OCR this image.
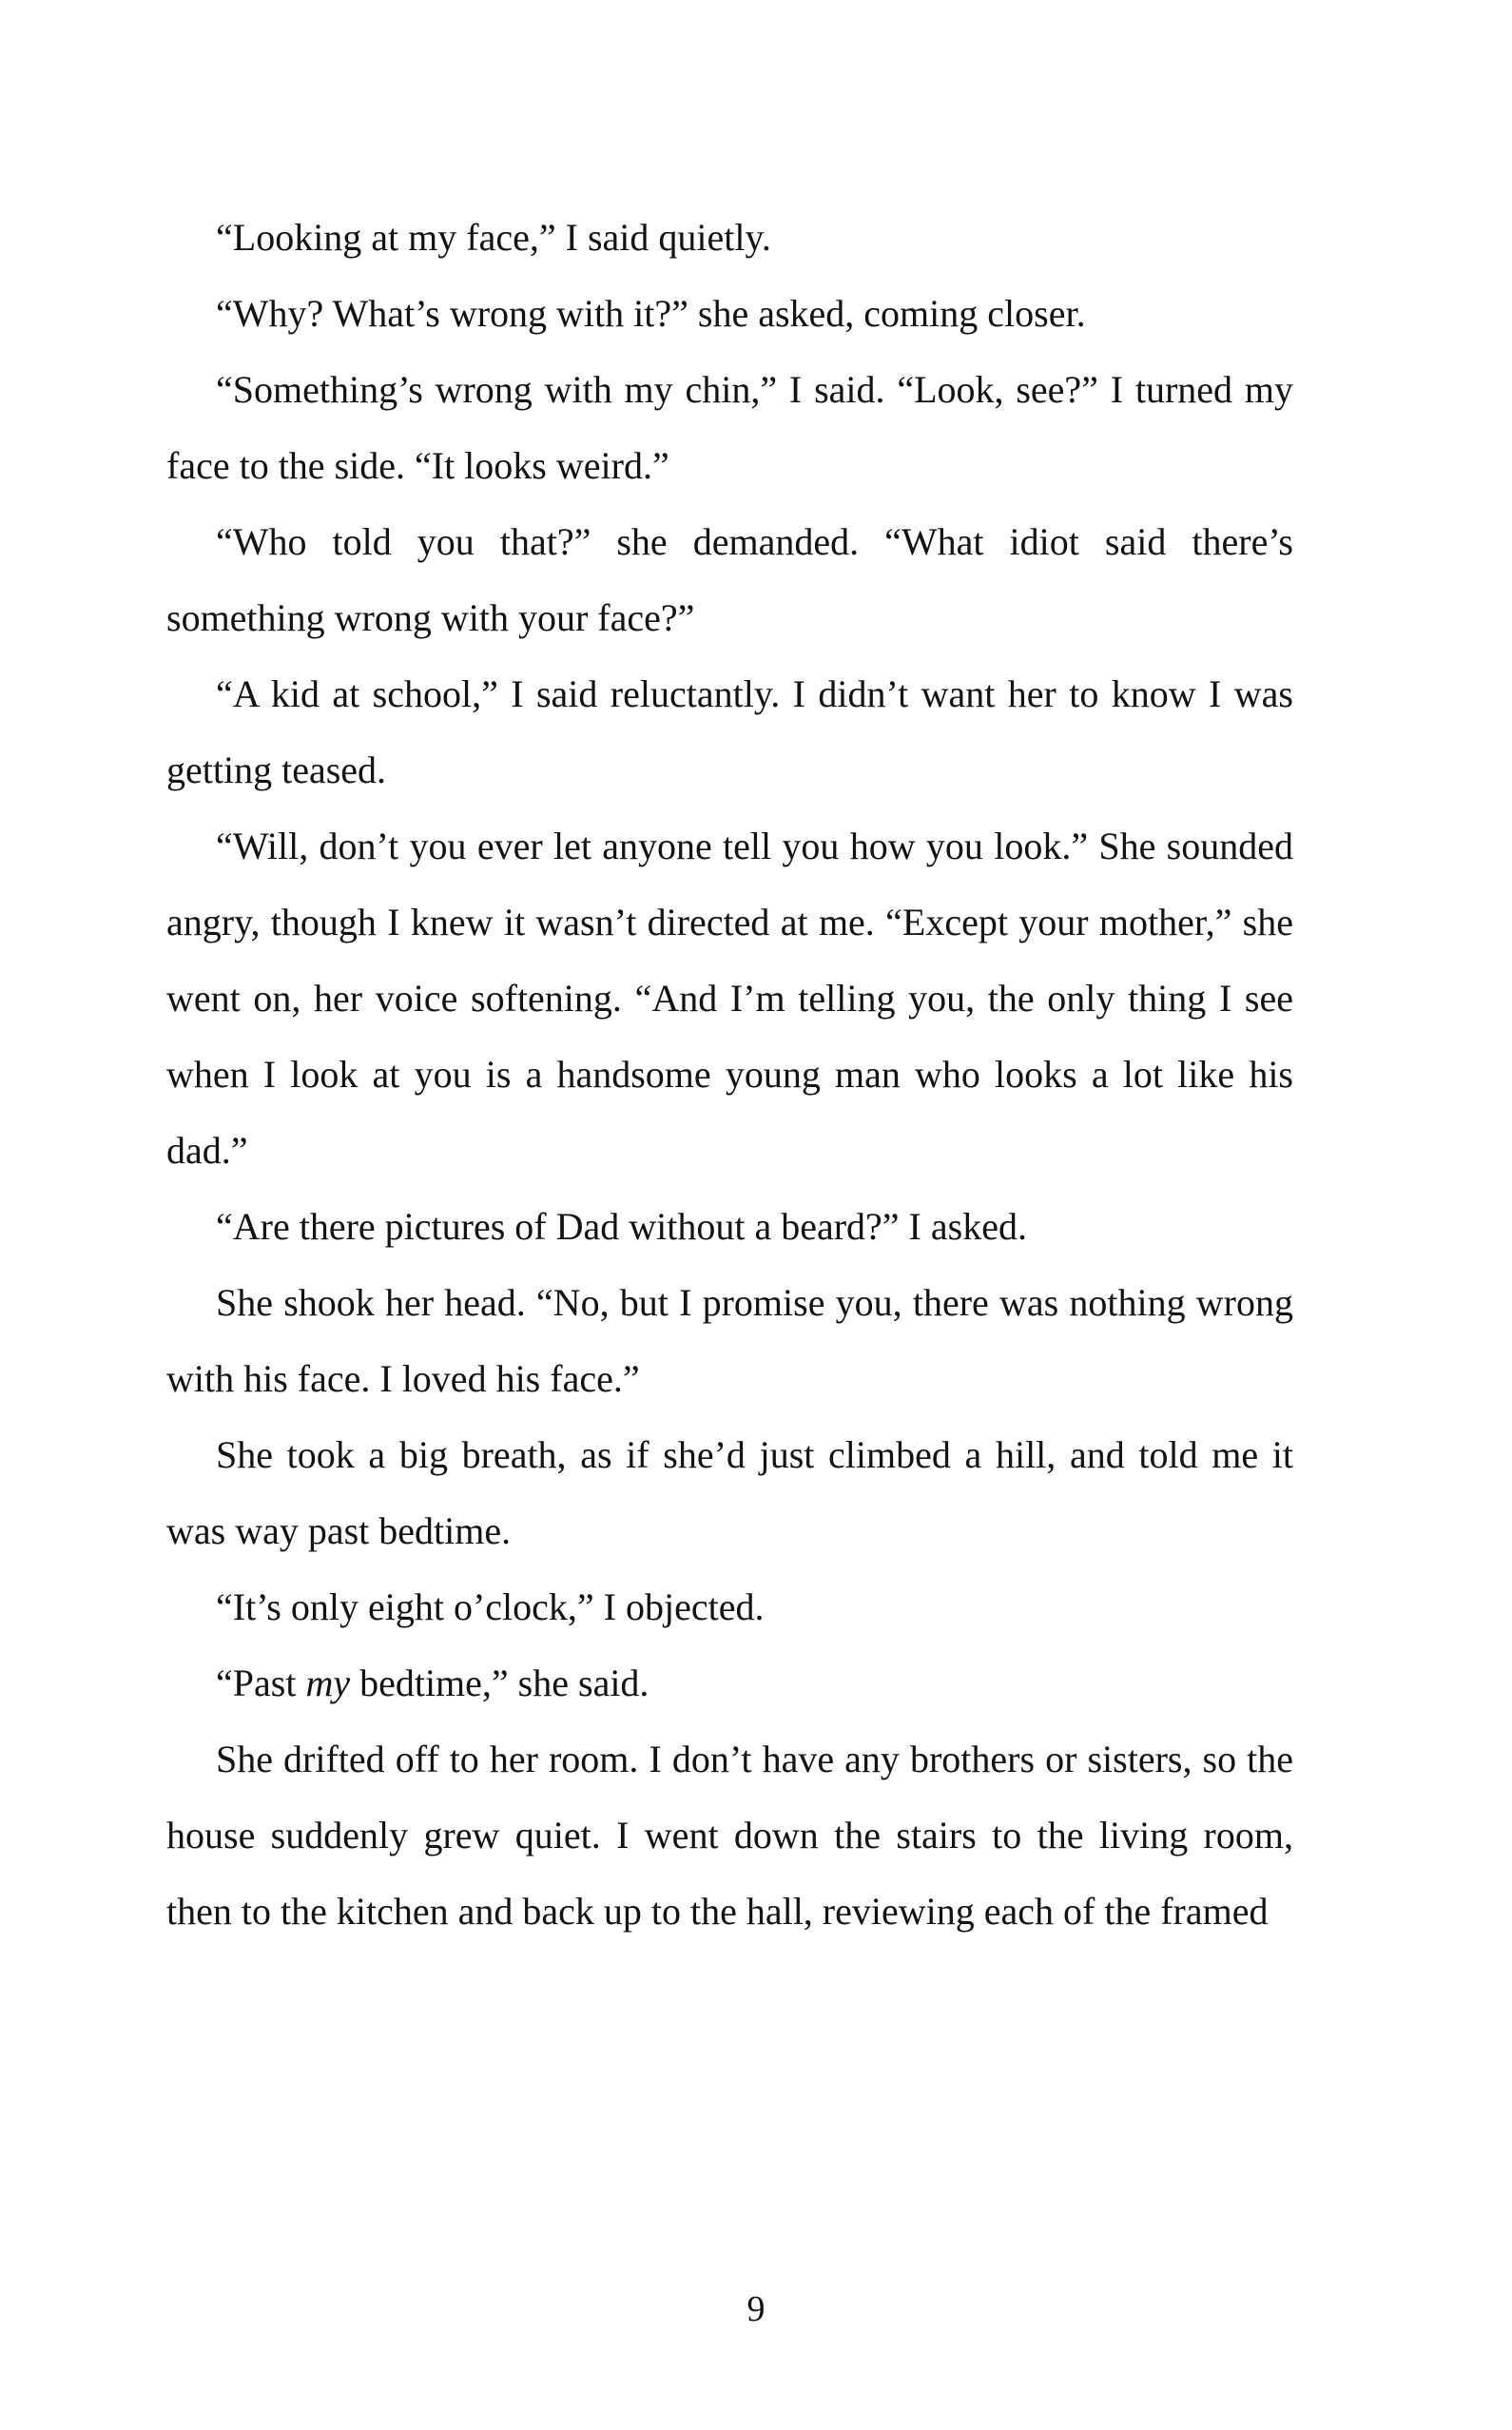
“Looking at my face,” I said quietly.

“Why? What’s wrong with it?” she asked, coming closer.

“Something’s wrong with my chin,” I said. “Look, see?” I turned my face to the side. “It looks weird.”

“Who told you that?” she demanded. “What idiot said there’s something wrong with your face?”

“A kid at school,” I said reluctantly. I didn’t want her to know I was getting teased.

“Will, don’t you ever let anyone tell you how you look.” She sounded angry, though I knew it wasn’t directed at me. “Except your mother,” she went on, her voice softening. “And I’m telling you, the only thing I see when I look at you is a handsome young man who looks a lot like his dad.”

“Are there pictures of Dad without a beard?” I asked.

She shook her head. “No, but I promise you, there was nothing wrong with his face. I loved his face.”

She took a big breath, as if she’d just climbed a hill, and told me it was way past bedtime.

“It’s only eight o’clock,” I objected.

“Past my bedtime,” she said.

She drifted off to her room. I don’t have any brothers or sisters, so the house suddenly grew quiet. I went down the stairs to the living room, then to the kitchen and back up to the hall, reviewing each of the framed

9
